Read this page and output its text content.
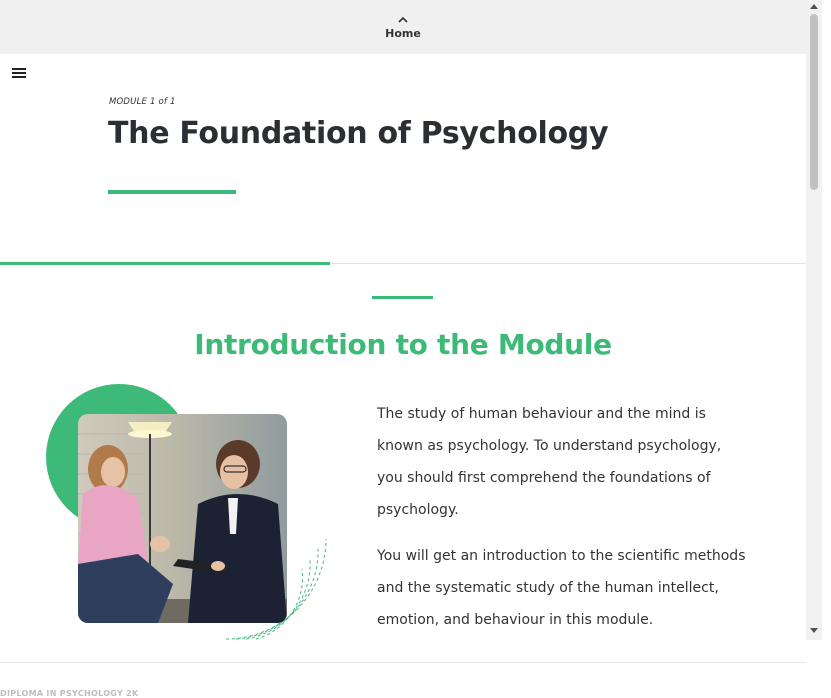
Home
MODULE 1 of 1
The Foundation of Psychology
Introduction to the Module

The study of human behaviour and the mind is known as psychology. To understand psychology, you should first comprehend the foundations of psychology.

You will get an introduction to the scientific methods and the systematic study of the human intellect, emotion, and behaviour in this module.

DIPLOMA IN PSYCHOLOGY 2K
